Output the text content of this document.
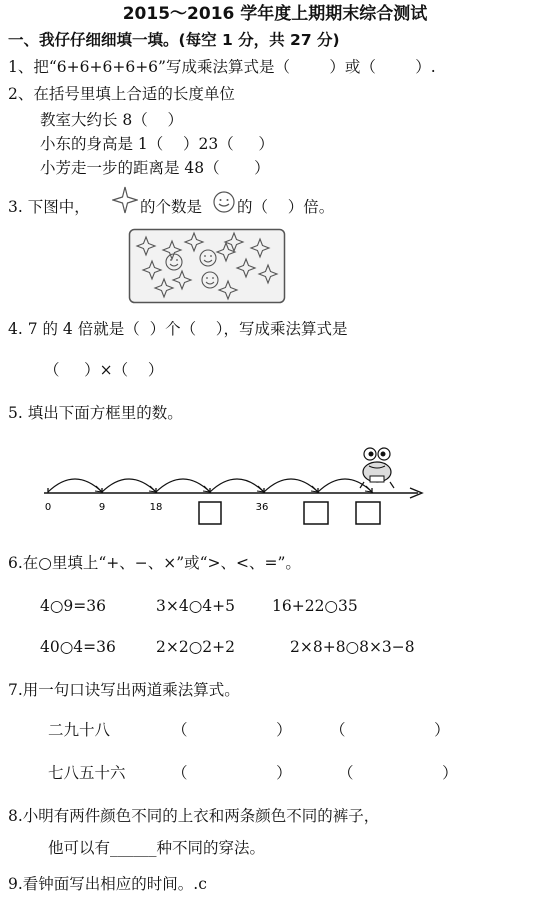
2015～2016 学年度上期期末综合测试
一、我仔仔细细填一填。(每空 1 分，共 27 分)
1、把“6+6+6+6+6”写成乘法算式是（        ）或（        ）.
2、在括号里填上合适的长度单位
教室大约长 8（    ）
小东的身高是 1（    ）23（     ）
小芳走一步的距离是 48（       ）
3. 下图中，	的个数是 的（    ）倍。
4. 7 的 4 倍就是（  ）个（    ），写成乘法算式是
（     ）×（    ）
5. 填出下面方框里的数。
0	9	18	36
6.在○里填上“+、−、×”或“>、<、=”。
4○9=36	3×4○4+5 16+22○35
40○4=36	2×2○2+2	2×8+8○8×3−8
7.用一句口诀写出两道乘法算式。
二九十八	（                  ） （                  ）
七八五十六	（                  ）	（                  ）
8.小明有两件颜色不同的上衣和两条颜色不同的裤子，
他可以有______种不同的穿法。
9.看钟面写出相应的时间。.c
